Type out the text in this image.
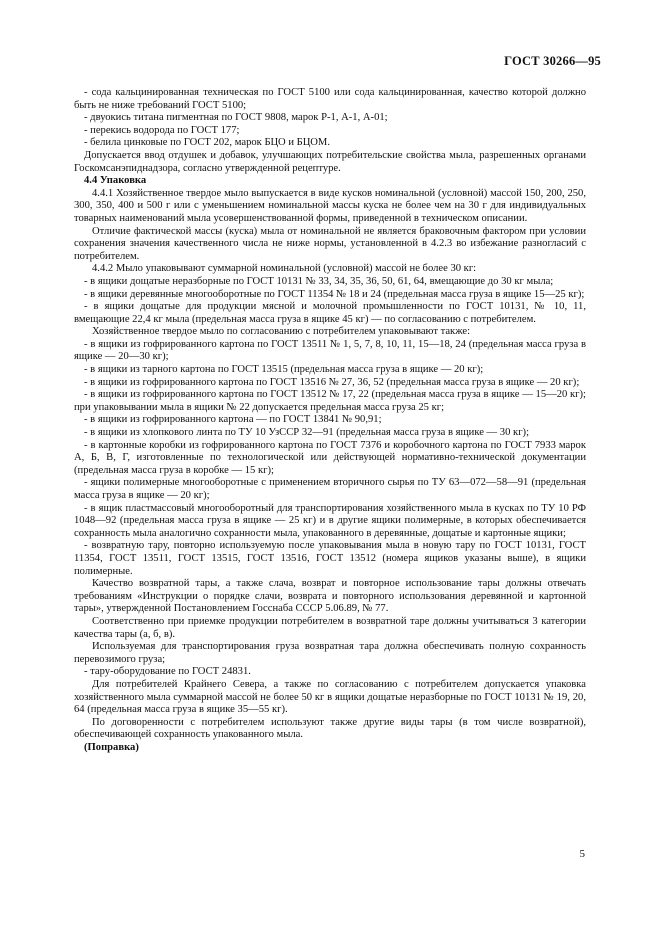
ГОСТ 30266—95

- сода кальцинированная техническая по ГОСТ 5100 или сода кальцинированная, качество которой должно быть не ниже требований ГОСТ 5100;

- двуокись титана пигментная по ГОСТ 9808, марок Р-1, А-1, А-01;

- перекись водорода по ГОСТ 177;

- белила цинковые по ГОСТ 202, марок БЦО и БЦОМ.

Допускается ввод отдушек и добавок, улучшающих потребительские свойства мыла, разрешенных органами Госкомсанэпиднадзора, согласно утвержденной рецептуре.

4.4 Упаковка

4.4.1 Хозяйственное твердое мыло выпускается в виде кусков номинальной (условной) массой 150, 200, 250, 300, 350, 400 и 500 г или с уменьшением номинальной массы куска не более чем на 30 г для индивидуальных товарных наименований мыла усовершенствованной формы, приведенной в техническом описании.

Отличие фактической массы (куска) мыла от номинальной не является браковочным фактором при условии сохранения значения качественного числа не ниже нормы, установленной в 4.2.3 во избежание разногласий с потребителем.

4.4.2 Мыло упаковывают суммарной номинальной (условной) массой не более 30 кг:

- в ящики дощатые неразборные по ГОСТ 10131 № 33, 34, 35, 36, 50, 61, 64, вмещающие до 30 кг мыла;

- в ящики деревянные многооборотные по ГОСТ 11354 № 18 и 24 (предельная масса груза в ящике 15—25 кг);

- в ящики дощатые для продукции мясной и молочной промышленности по ГОСТ 10131, № 10, 11, вмещающие 22,4 кг мыла (предельная масса груза в ящике 45 кг) — по согласованию с потребителем.

Хозяйственное твердое мыло по согласованию с потребителем упаковывают также:

- в ящики из гофрированного картона по ГОСТ 13511 № 1, 5, 7, 8, 10, 11, 15—18, 24 (предельная масса груза в ящике — 20—30 кг);

- в ящики из тарного картона по ГОСТ 13515 (предельная масса груза в ящике — 20 кг);

- в ящики из гофрированного картона по ГОСТ 13516 № 27, 36, 52 (предельная масса груза в ящике — 20 кг);

- в ящики из гофрированного картона по ГОСТ 13512 № 17, 22 (предельная масса груза в ящике — 15—20 кг); при упаковывании мыла в ящики № 22 допускается предельная масса груза 25 кг;

- в ящики из гофрированного картона — по ГОСТ 13841 № 90,91;

- в ящики из хлопкового линта по ТУ 10 УзССР 32—91 (предельная масса груза в ящике — 30 кг);

- в картонные коробки из гофрированного картона по ГОСТ 7376 и коробочного картона по ГОСТ 7933 марок А, Б, В, Г, изготовленные по технологической или действующей нормативно-технической документации (предельная масса груза в коробке — 15 кг);

- ящики полимерные многооборотные с применением вторичного сырья по ТУ 63—072—58—91 (предельная масса груза в ящике — 20 кг);

- в ящик пластмассовый многооборотный для транспортирования хозяйственного мыла в кусках по ТУ 10 РФ 1048—92 (предельная масса груза в ящике — 25 кг) и в другие ящики полимерные, в которых обеспечивается сохранность мыла аналогично сохранности мыла, упакованного в деревянные, дощатые и картонные ящики;

- возвратную тару, повторно используемую после упаковывания мыла в новую тару по ГОСТ 10131, ГОСТ 11354, ГОСТ 13511, ГОСТ 13515, ГОСТ 13516, ГОСТ 13512 (номера ящиков указаны выше), в ящики полимерные.

Качество возвратной тары, а также слача, возврат и повторное использование тары должны отвечать требованиям «Инструкции о порядке слачи, возврата и повторного использования деревянной и картонной тары», утвержденной Постановлением Госснаба СССР 5.06.89, № 77.

Соответственно при приемке продукции потребителем в возвратной таре должны учитываться 3 категории качества тары (а, б, в).

Используемая для транспортирования груза возвратная тара должна обеспечивать полную сохранность перевозимого груза;

- тару-оборудование по ГОСТ 24831.

Для потребителей Крайнего Севера, а также по согласованию с потребителем допускается упаковка хозяйственного мыла суммарной массой не более 50 кг в ящики дощатые неразборные по ГОСТ 10131 № 19, 20, 64 (предельная масса груза в ящике 35—55 кг).

По договоренности с потребителем используют также другие виды тары (в том числе возвратной), обеспечивающей сохранность упакованного мыла.

(Поправка)

5
